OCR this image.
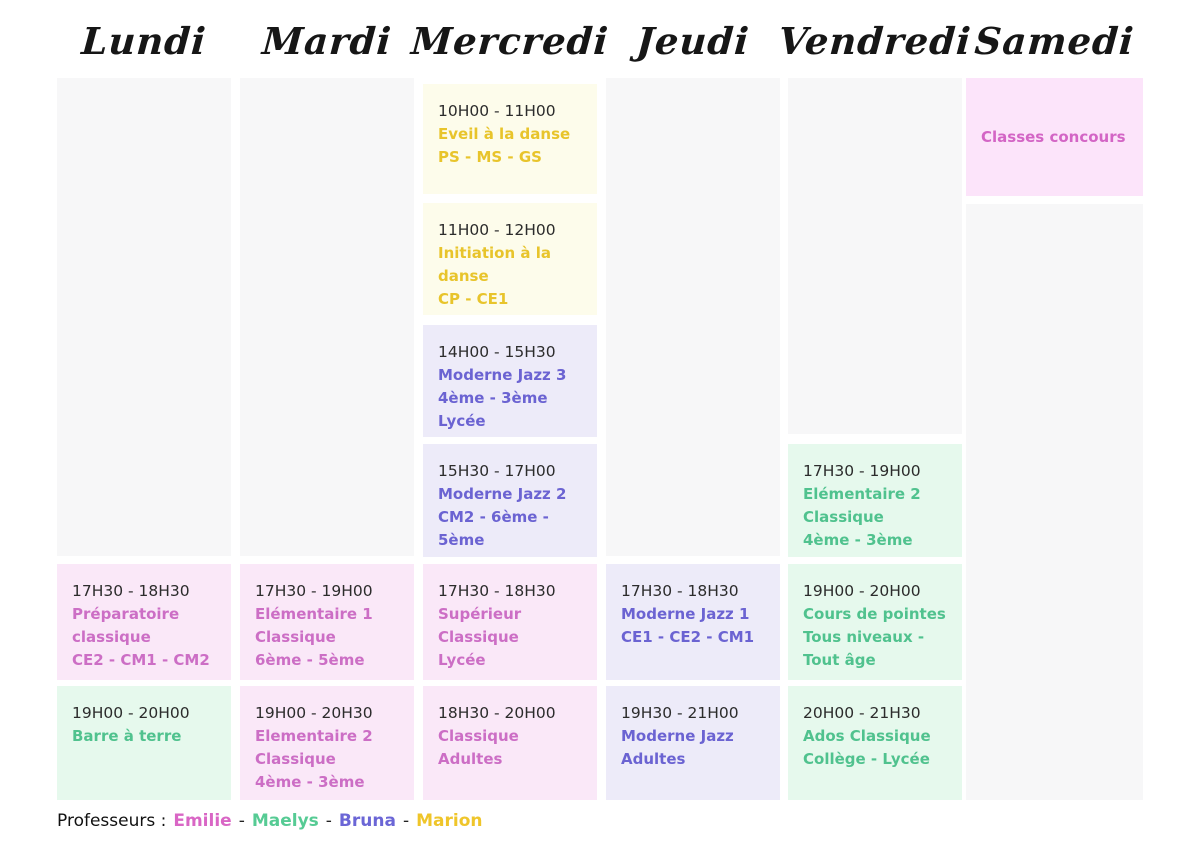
Lundi	Mardi Mercredi Jeudi Vendredi Samedi
17H30 - 18H30
Préparatoire
classique
CE2 - CM1 - CM2
19H00 - 20H00
Barre à terre
17H30 - 19H00
Elémentaire 1
Classique
6ème - 5ème
19H00 - 20H30
Elementaire 2
Classique
4ème - 3ème
10H00 - 11H00
Eveil à la danse
PS - MS - GS
11H00 - 12H00
Initiation à la
danse
CP - CE1
14H00 - 15H30
Moderne Jazz 3
4ème - 3ème
Lycée
15H30 - 17H00
Moderne Jazz 2
CM2 - 6ème -
5ème
17H30 - 18H30
Supérieur
Classique
Lycée
18H30 - 20H00
Classique
Adultes
17H30 - 18H30
Moderne Jazz 1
CE1 - CE2 - CM1
19H30 - 21H00
Moderne Jazz
Adultes
17H30 - 19H00
Elémentaire 2
Classique
4ème - 3ème
19H00 - 20H00
Cours de pointes
Tous niveaux -
Tout âge
20H00 - 21H30
Ados Classique
Collège - Lycée
Classes concours
Professeurs : Emilie - Maelys - Bruna - Marion
